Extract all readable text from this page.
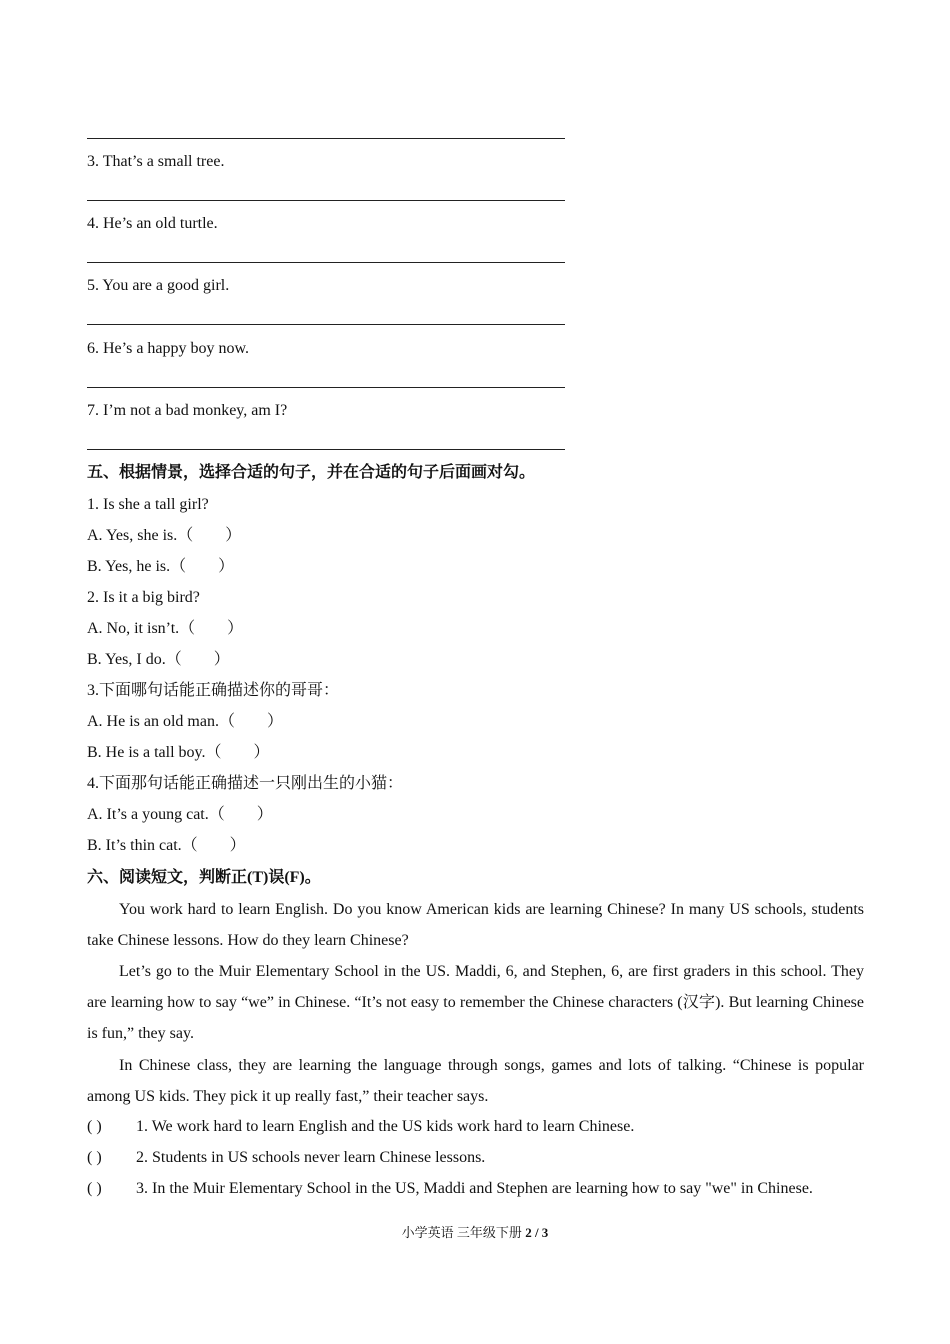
3. That’s a small tree.
4. He’s an old turtle.
5. You are a good girl.
6. He’s a happy boy now.
7. I’m not a bad monkey, am I?
五、根据情景，选择合适的句子，并在合适的句子后面画对勾。
1. Is she a tall girl?
A. Yes, she is.（　　）
B. Yes, he is.（　　）
2. Is it a big bird?
A. No, it isn’t.（　　）
B. Yes, I do.（　　）
3.下面哪句话能正确描述你的哥哥：
A. He is an old man.（　　）
B. He is a tall boy.（　　）
4.下面那句话能正确描述一只刚出生的小猫：
A. It’s a young cat.（　　）
B. It’s thin cat.（　　）
六、阅读短文，判断正(T)误(F)。
You work hard to learn English. Do you know American kids are learning Chinese? In many US schools, students take Chinese lessons. How do they learn Chinese?
Let’s go to the Muir Elementary School in the US. Maddi, 6, and Stephen, 6, are first graders in this school. They are learning how to say “we” in Chinese. “It’s not easy to remember the Chinese characters (汉字). But learning Chinese is fun,” they say.
In Chinese class, they are learning the language through songs, games and lots of talking. “Chinese is popular among US kids. They pick it up really fast,” their teacher says.
( ) 1. We work hard to learn English and the US kids work hard to learn Chinese.
( ) 2. Students in US schools never learn Chinese lessons.
( ) 3. In the Muir Elementary School in the US, Maddi and Stephen are learning how to say "we" in Chinese.
小学英语 三年级下册 2 / 3
